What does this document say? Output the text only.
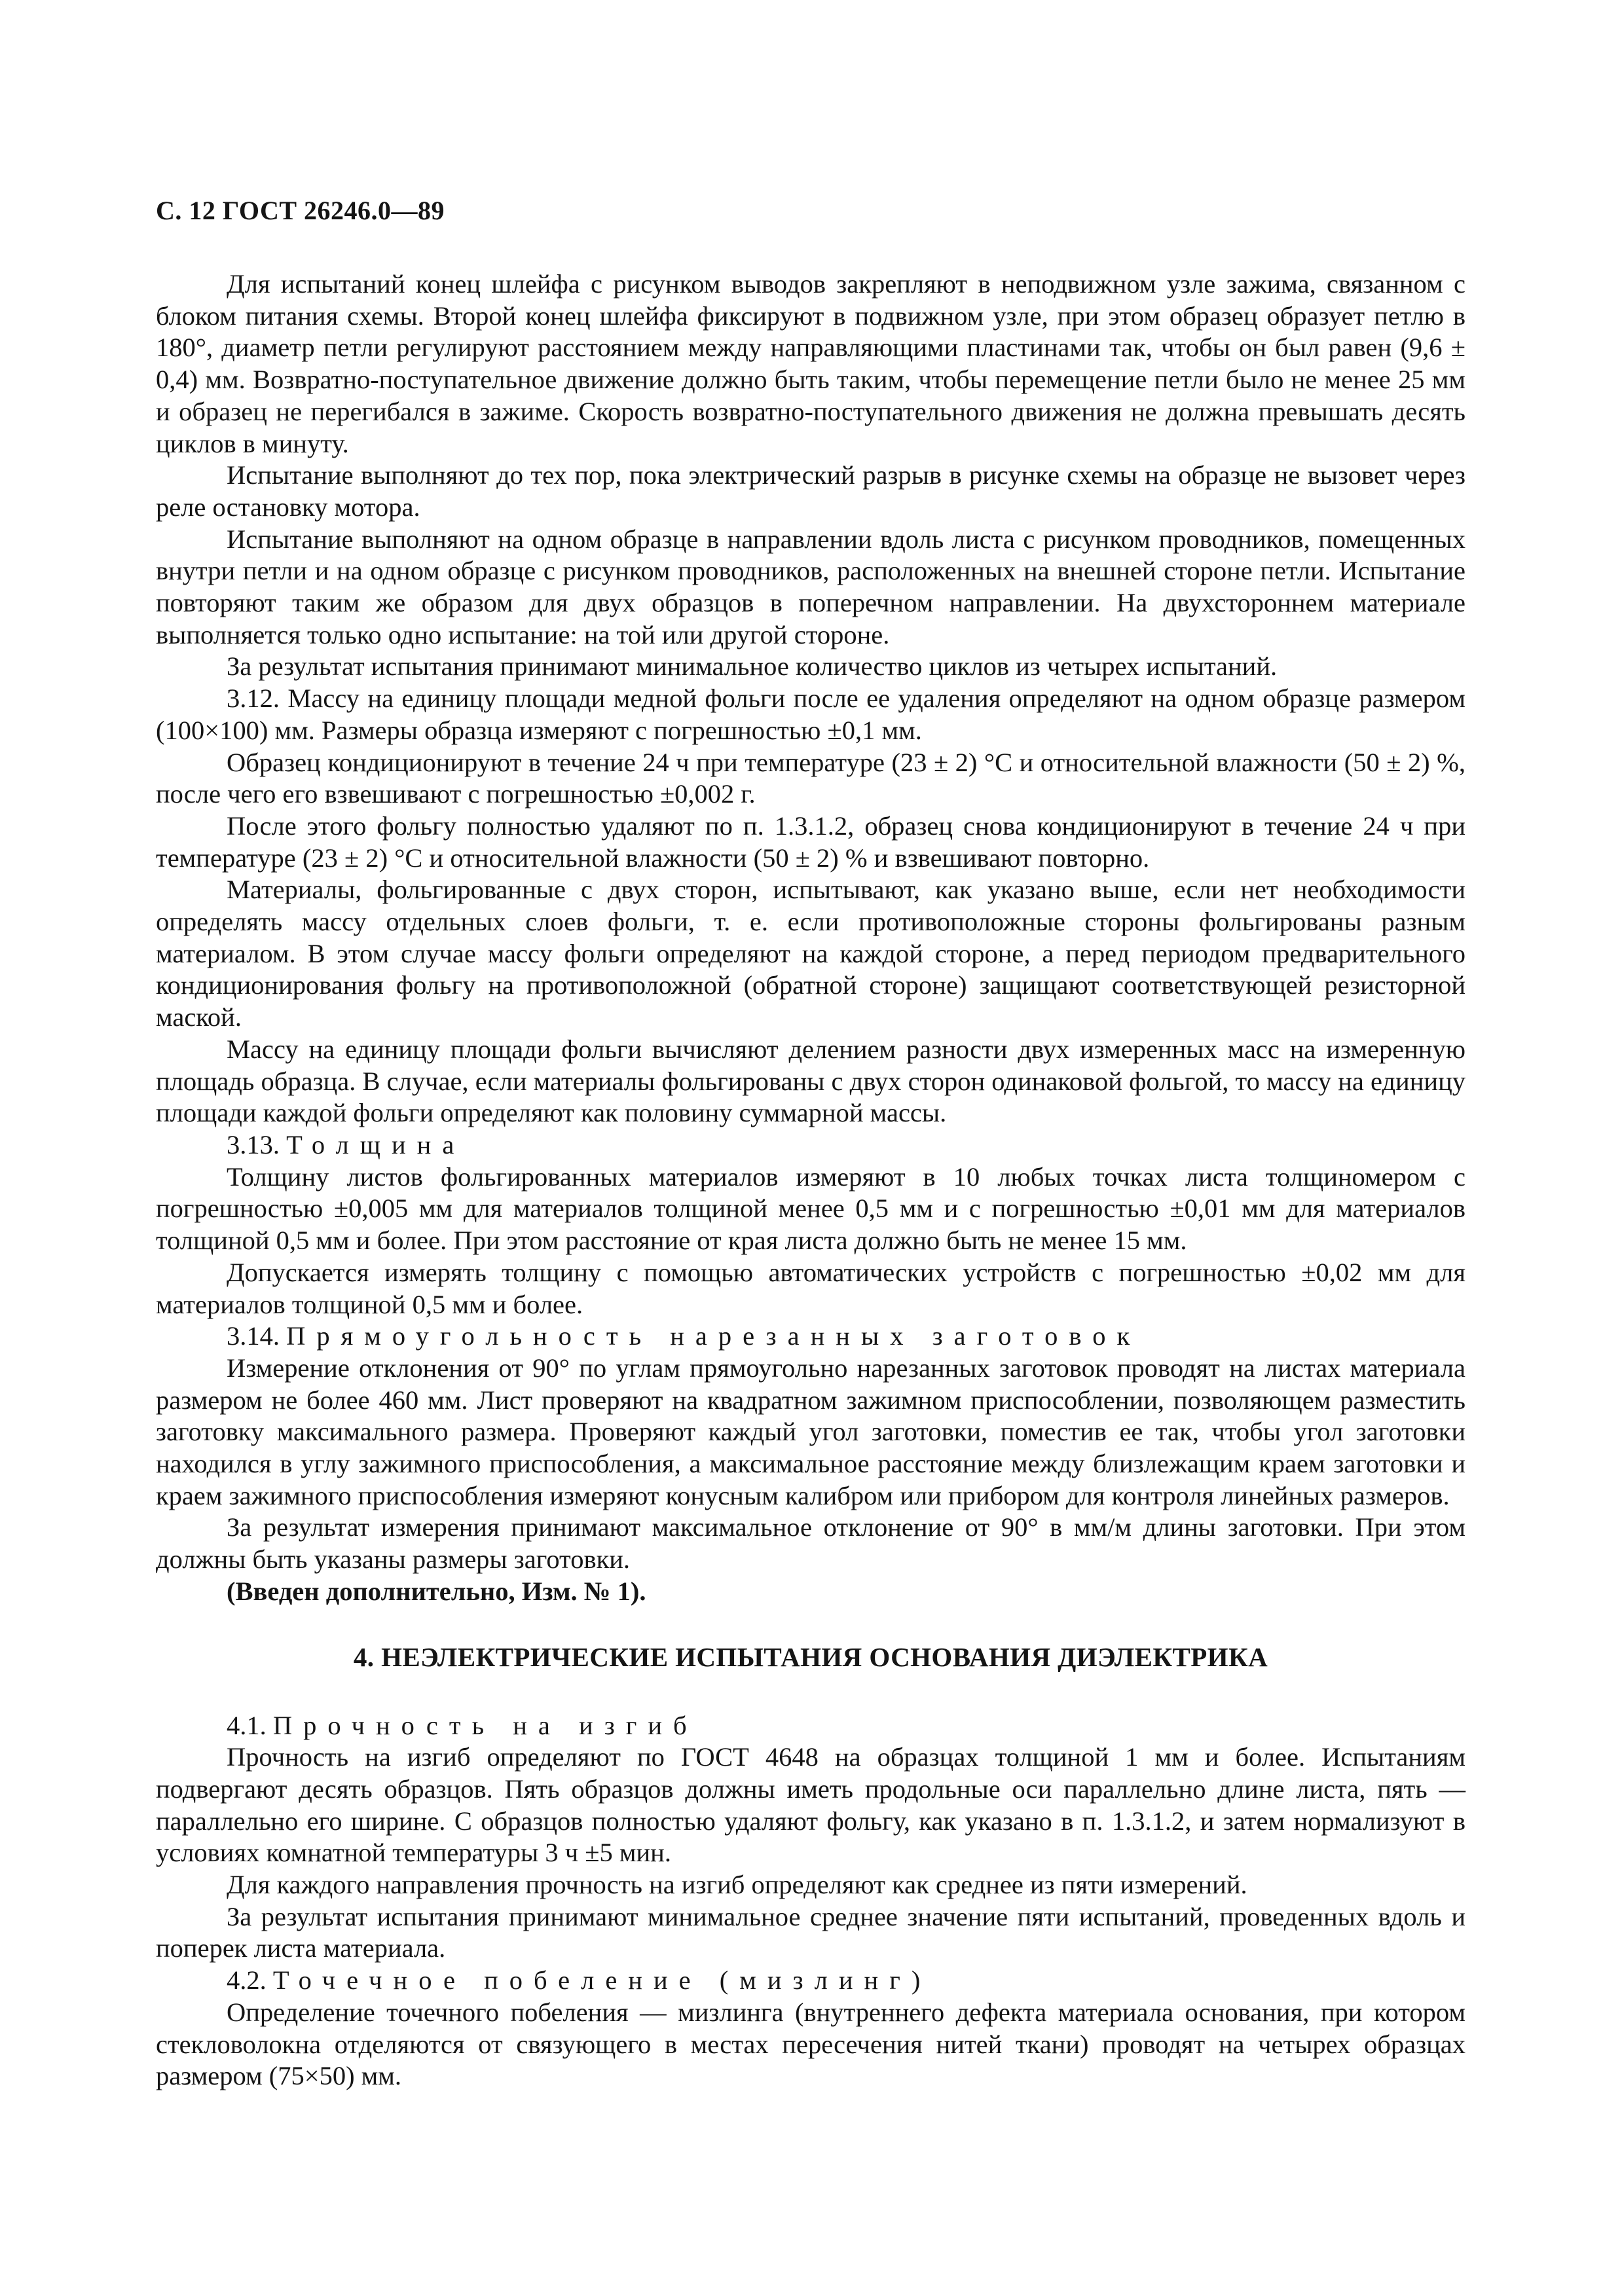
С. 12 ГОСТ 26246.0—89

Для испытаний конец шлейфа с рисунком выводов закрепляют в неподвижном узле зажима, связанном с блоком питания схемы. Второй конец шлейфа фиксируют в подвижном узле, при этом образец образует петлю в 180°, диаметр петли регулируют расстоянием между направляющими пластинами так, чтобы он был равен (9,6 ± 0,4) мм. Возвратно-поступательное движение должно быть таким, чтобы перемещение петли было не менее 25 мм и образец не перегибался в зажиме. Скорость возвратно-поступательного движения не должна превышать десять циклов в минуту.

Испытание выполняют до тех пор, пока электрический разрыв в рисунке схемы на образце не вызовет через реле остановку мотора.

Испытание выполняют на одном образце в направлении вдоль листа с рисунком проводников, помещенных внутри петли и на одном образце с рисунком проводников, расположенных на внешней стороне петли. Испытание повторяют таким же образом для двух образцов в поперечном направлении. На двухстороннем материале выполняется только одно испытание: на той или другой стороне.

За результат испытания принимают минимальное количество циклов из четырех испытаний.

3.12. Массу на единицу площади медной фольги после ее удаления определяют на одном образце размером (100×100) мм. Размеры образца измеряют с погрешностью ±0,1 мм.

Образец кондиционируют в течение 24 ч при температуре (23 ± 2) °С и относительной влажности (50 ± 2) %, после чего его взвешивают с погрешностью ±0,002 г.

После этого фольгу полностью удаляют по п. 1.3.1.2, образец снова кондиционируют в течение 24 ч при температуре (23 ± 2) °С и относительной влажности (50 ± 2) % и взвешивают повторно.

Материалы, фольгированные с двух сторон, испытывают, как указано выше, если нет необходимости определять массу отдельных слоев фольги, т. е. если противоположные стороны фольгированы разным материалом. В этом случае массу фольги определяют на каждой стороне, а перед периодом предварительного кондиционирования фольгу на противоположной (обратной стороне) защищают соответствующей резисторной маской.

Массу на единицу площади фольги вычисляют делением разности двух измеренных масс на измеренную площадь образца. В случае, если материалы фольгированы с двух сторон одинаковой фольгой, то массу на единицу площади каждой фольги определяют как половину суммарной массы.

3.13. Толщина

Толщину листов фольгированных материалов измеряют в 10 любых точках листа толщиномером с погрешностью ±0,005 мм для материалов толщиной менее 0,5 мм и с погрешностью ±0,01 мм для материалов толщиной 0,5 мм и более. При этом расстояние от края листа должно быть не менее 15 мм.

Допускается измерять толщину с помощью автоматических устройств с погрешностью ±0,02 мм для материалов толщиной 0,5 мм и более.

3.14. Прямоугольность нарезанных заготовок

Измерение отклонения от 90° по углам прямоугольно нарезанных заготовок проводят на листах материала размером не более 460 мм. Лист проверяют на квадратном зажимном приспособлении, позволяющем разместить заготовку максимального размера. Проверяют каждый угол заготовки, поместив ее так, чтобы угол заготовки находился в углу зажимного приспособления, а максимальное расстояние между близлежащим краем заготовки и краем зажимного приспособления измеряют конусным калибром или прибором для контроля линейных размеров.

За результат измерения принимают максимальное отклонение от 90° в мм/м длины заготовки. При этом должны быть указаны размеры заготовки.

(Введен дополнительно, Изм. № 1).

4. НЕЭЛЕКТРИЧЕСКИЕ ИСПЫТАНИЯ ОСНОВАНИЯ ДИЭЛЕКТРИКА

4.1. Прочность на изгиб

Прочность на изгиб определяют по ГОСТ 4648 на образцах толщиной 1 мм и более. Испытаниям подвергают десять образцов. Пять образцов должны иметь продольные оси параллельно длине листа, пять — параллельно его ширине. С образцов полностью удаляют фольгу, как указано в п. 1.3.1.2, и затем нормализуют в условиях комнатной температуры 3 ч ±5 мин.

Для каждого направления прочность на изгиб определяют как среднее из пяти измерений.

За результат испытания принимают минимальное среднее значение пяти испытаний, проведенных вдоль и поперек листа материала.

4.2. Точечное побеление (мизлинг)

Определение точечного побеления — мизлинга (внутреннего дефекта материала основания, при котором стекловолокна отделяются от связующего в местах пересечения нитей ткани) проводят на четырех образцах размером (75×50) мм.
